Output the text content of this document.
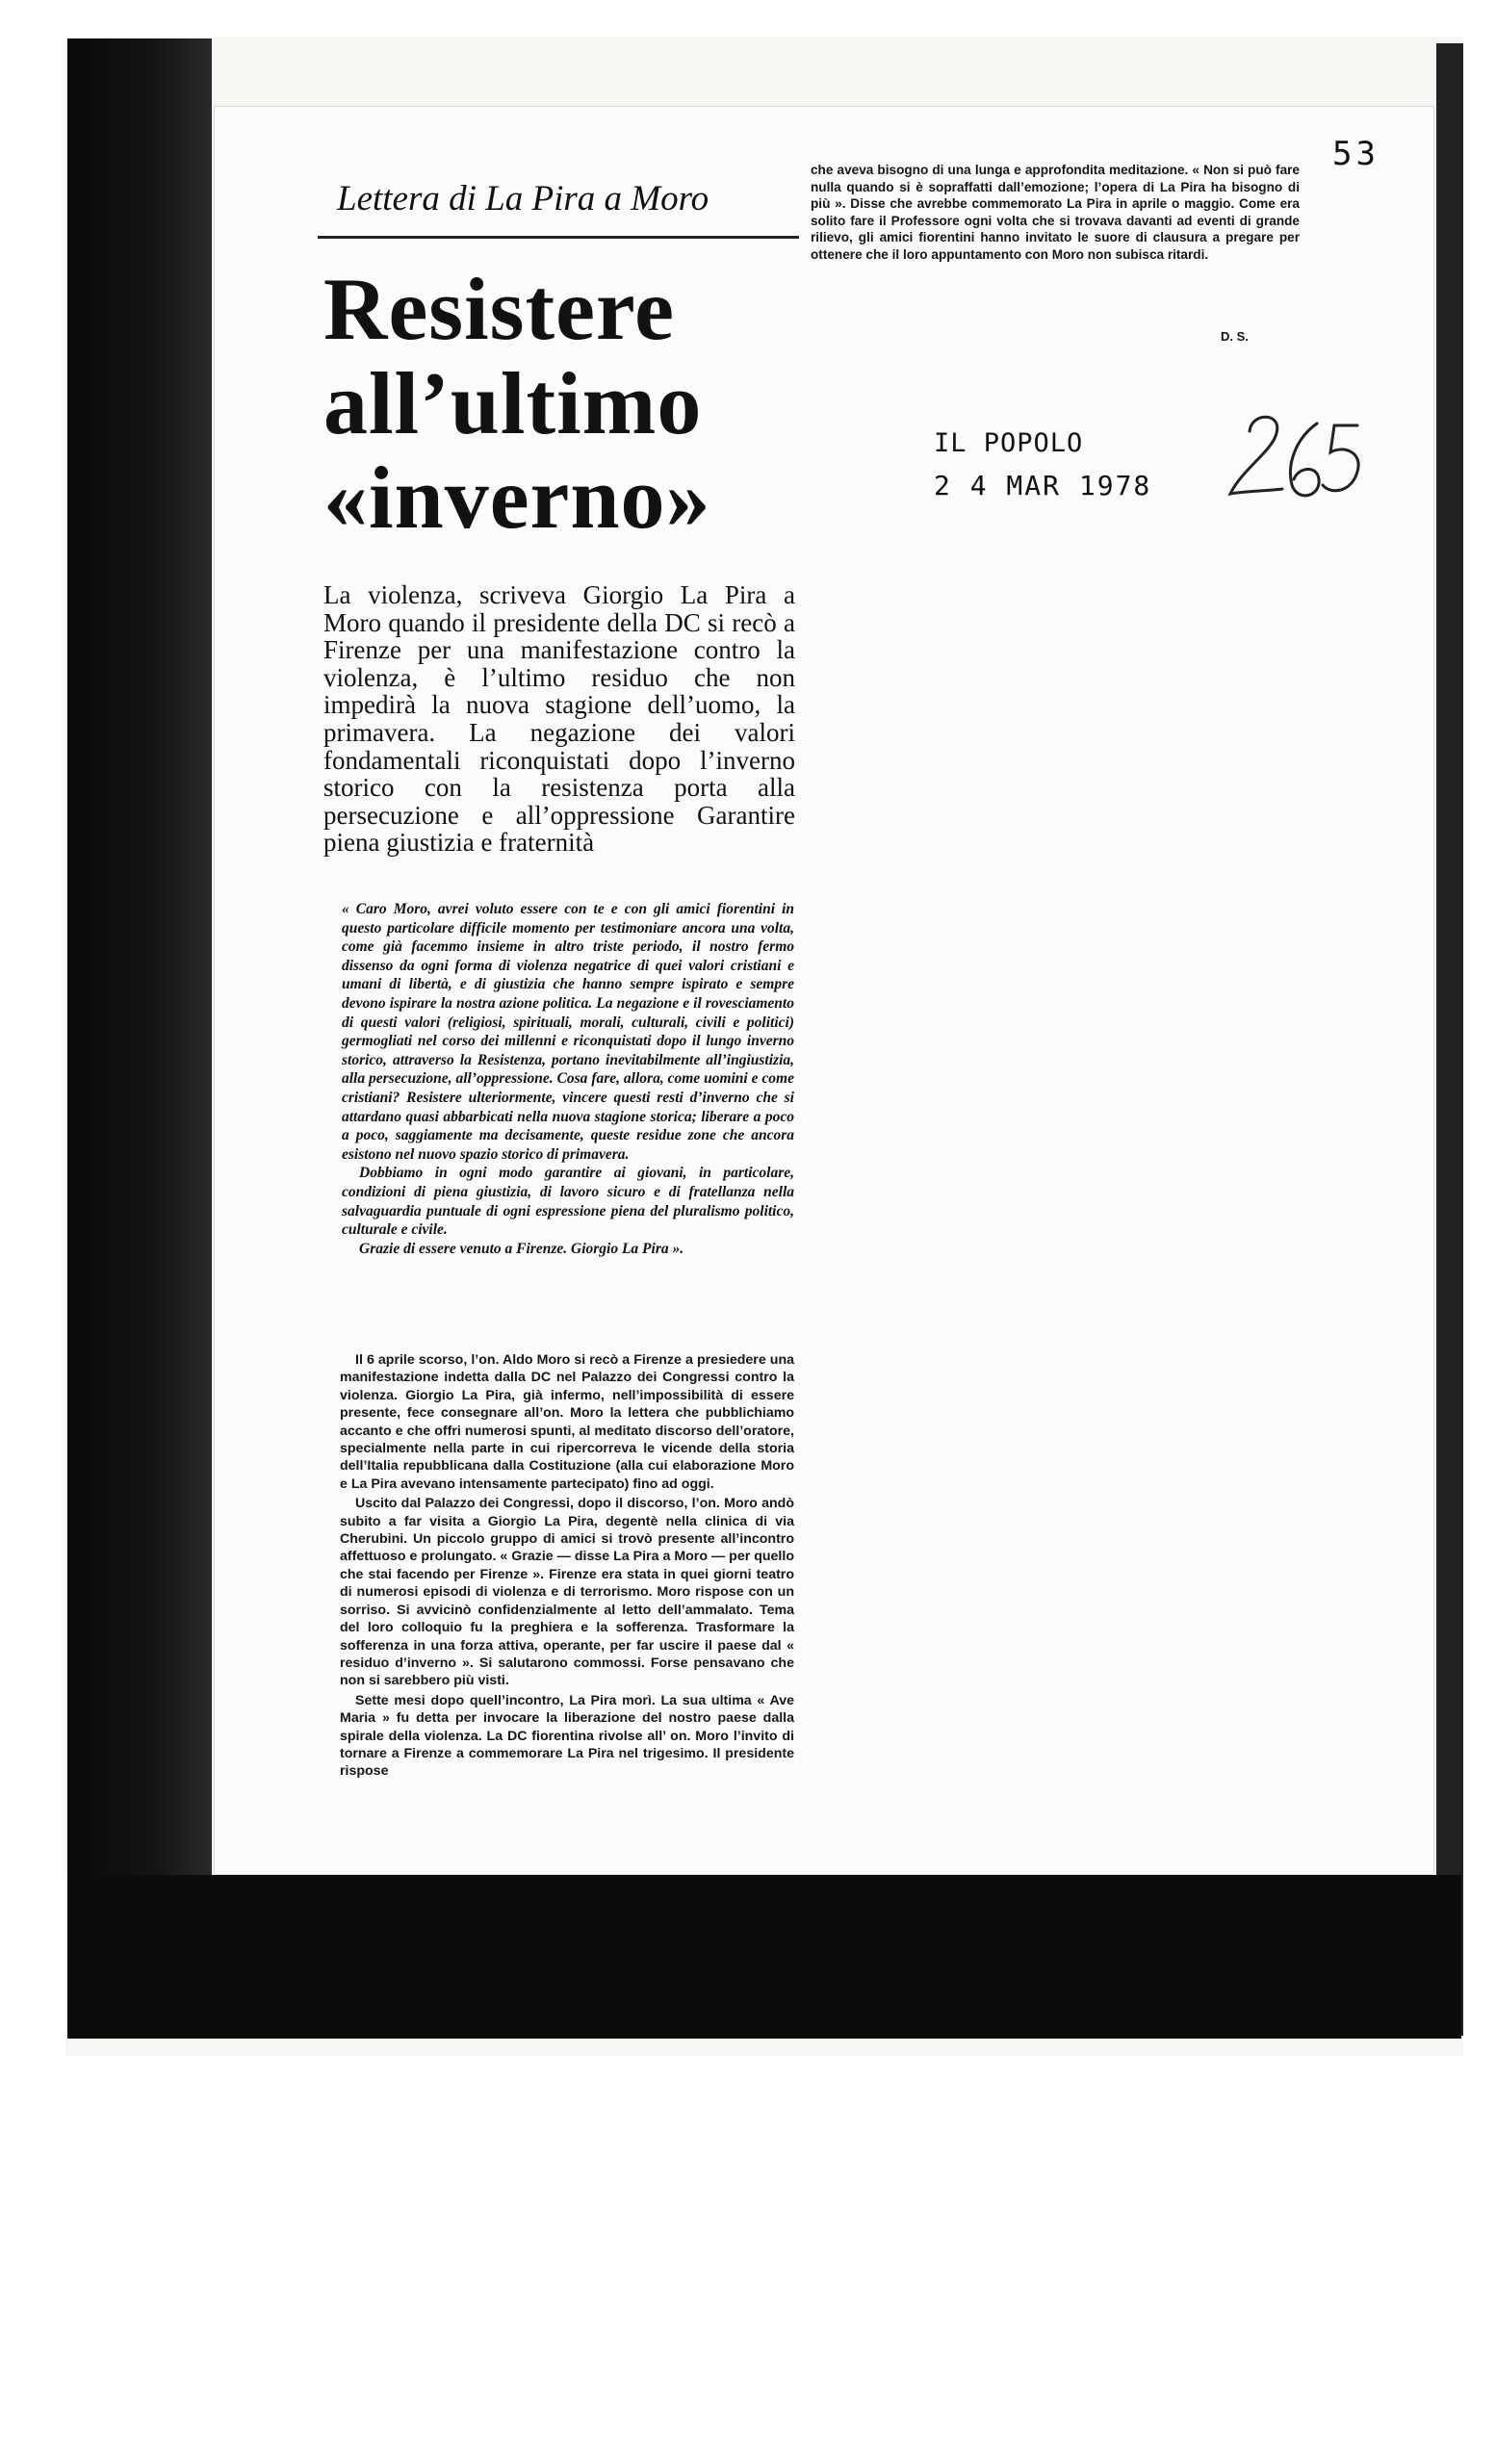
53
Lettera di La Pira a Moro
Resistere
all’ultimo
«inverno»
La violenza, scriveva Giorgio La Pira a Moro quando il presidente della DC si recò a Firenze per una manifestazione contro la violenza, è l’ultimo residuo che non impedirà la nuova stagione dell’uomo, la primavera. La negazione dei valori fondamentali riconquistati dopo l’inverno storico con la resistenza porta alla persecuzione e all’oppressione Garantire piena giustizia e fraternità

« Caro Moro, avrei voluto essere con te e con gli amici fiorentini in questo particolare difficile momento per testimoniare ancora una volta, come già facemmo insieme in altro triste periodo, il nostro fermo dissenso da ogni forma di violenza negatrice di quei valori cristiani e umani di libertà, e di giustizia che hanno sempre ispirato e sempre devono ispirare la nostra azione politica. La negazione e il rovesciamento di questi valori (religiosi, spirituali, morali, culturali, civili e politici) germogliati nel corso dei millenni e riconquistati dopo il lungo inverno storico, attraverso la Resistenza, portano inevitabilmente all’ingiustizia, alla persecuzione, all’oppressione. Cosa fare, allora, come uomini e come cristiani? Resistere ulteriormente, vincere questi resti d’inverno che si attardano quasi abbarbicati nella nuova stagione storica; liberare a poco a poco, saggiamente ma decisamente, queste residue zone che ancora esistono nel nuovo spazio storico di primavera.

Dobbiamo in ogni modo garantire ai giovani, in particolare, condizioni di piena giustizia, di lavoro sicuro e di fratellanza nella salvaguardia puntuale di ogni espressione piena del pluralismo politico, culturale e civile.

Grazie di essere venuto a Firenze. Giorgio La Pira ».

Il 6 aprile scorso, l’on. Aldo Moro si recò a Firenze a presiedere una manifestazione indetta dalla DC nel Palazzo dei Congressi contro la violenza. Giorgio La Pira, già infermo, nell’impossibilità di essere presente, fece consegnare all’on. Moro la lettera che pubblichiamo accanto e che offri numerosi spunti, al meditato discorso dell’oratore, specialmente nella parte in cui ripercorreva le vicende della storia dell’Italia repubblicana dalla Costituzione (alla cui elaborazione Moro e La Pira avevano intensamente partecipato) fino ad oggi.

Uscito dal Palazzo dei Congressi, dopo il discorso, l’on. Moro andò subito a far visita a Giorgio La Pira, degentè nella clinica di via Cherubini. Un piccolo gruppo di amici si trovò presente all’incontro affettuoso e prolungato. « Grazie — disse La Pira a Moro — per quello che stai facendo per Firenze ». Firenze era stata in quei giorni teatro di numerosi episodi di violenza e di terrorismo. Moro rispose con un sorriso. Si avvicinò confidenzialmente al letto dell’ammalato. Tema del loro colloquio fu la preghiera e la sofferenza. Trasformare la sofferenza in una forza attiva, operante, per far uscire il paese dal « residuo d’inverno ». Si salutarono commossi. Forse pensavano che non si sarebbero più visti.

Sette mesi dopo quell’incontro, La Pira morì. La sua ultima « Ave Maria » fu detta per invocare la liberazione del nostro paese dalla spirale della violenza. La DC fiorentina rivolse all’ on. Moro l’invito di tornare a Firenze a commemorare La Pira nel trigesimo. Il presidente rispose

che aveva bisogno di una lunga e approfondita meditazione. « Non si può fare nulla quando si è sopraffatti dall’emozione; l’opera di La Pira ha bisogno di più ». Disse che avrebbe commemorato La Pira in aprile o maggio. Come era solito fare il Professore ogni volta che si trovava davanti ad eventi di grande rilievo, gli amici fiorentini hanno invitato le suore di clausura a pregare per ottenere che il loro appuntamento con Moro non subisca ritardi.
D. S.
IL POPOLO
2 4 MAR 1978
